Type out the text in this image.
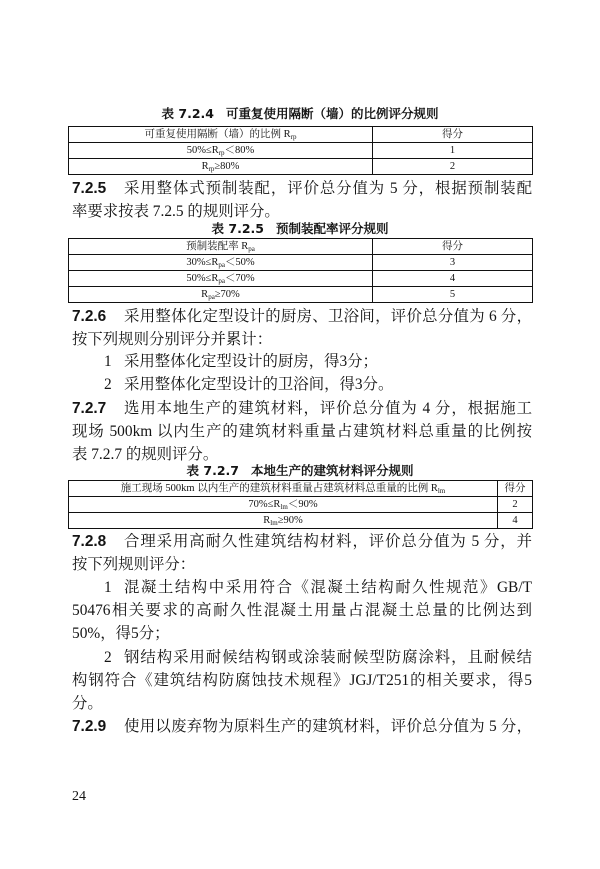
表 7.2.4 可重复使用隔断（墙）的比例评分规则
可重复使用隔断（墙）的比例 $R_{rp}$	得分
$50\%\le R_{rp}<80\%$	1
$R_{rp}\ge 80\%$	2
7.2.5	采用整体式预制装配，评价总分值为 5 分，根据预制装配
率要求按表 7.2.5 的规则评分。
表 7.2.5 预制装配率评分规则
预制装配率 $R_{pa}$	得分
$30\%\le R_{pa}<50\%$	3
$50\%\le R_{pa}<70\%$	4
$R_{pa}\ge 70\%$	5
7.2.6	采用整体化定型设计的厨房、卫浴间，评价总分值为 6 分，
按下列规则分别评分并累计：
1 采用整体化定型设计的厨房，得3分；
2 采用整体化定型设计的卫浴间，得3分。
7.2.7	选用本地生产的建筑材料，评价总分值为 4 分，根据施工
现场 500km 以内生产的建筑材料重量占建筑材料总重量的比例按
表 7.2.7 的规则评分。
表 7.2.7 本地生产的建筑材料评分规则
施工现场 500km 以内生产的建筑材料重量占建筑材料总重量的比例 $R_{lm}$	得分
$70\%\le R_{lm}<90\%$	2
$R_{lm}\ge 90\%$	4
7.2.8	合理采用高耐久性建筑结构材料，评价总分值为 5 分，并
按下列规则评分：
1 混凝土结构中采用符合《混凝土结构耐久性规范》GB/T
50476相关要求的高耐久性混凝土用量占混凝土总量的比例达到
50%，得5分；
2 钢结构采用耐候结构钢或涂装耐候型防腐涂料，且耐候结
构钢符合《建筑结构防腐蚀技术规程》JGJ/T251的相关要求，得5
分。
7.2.9	使用以废弃物为原料生产的建筑材料，评价总分值为 5 分，
24
